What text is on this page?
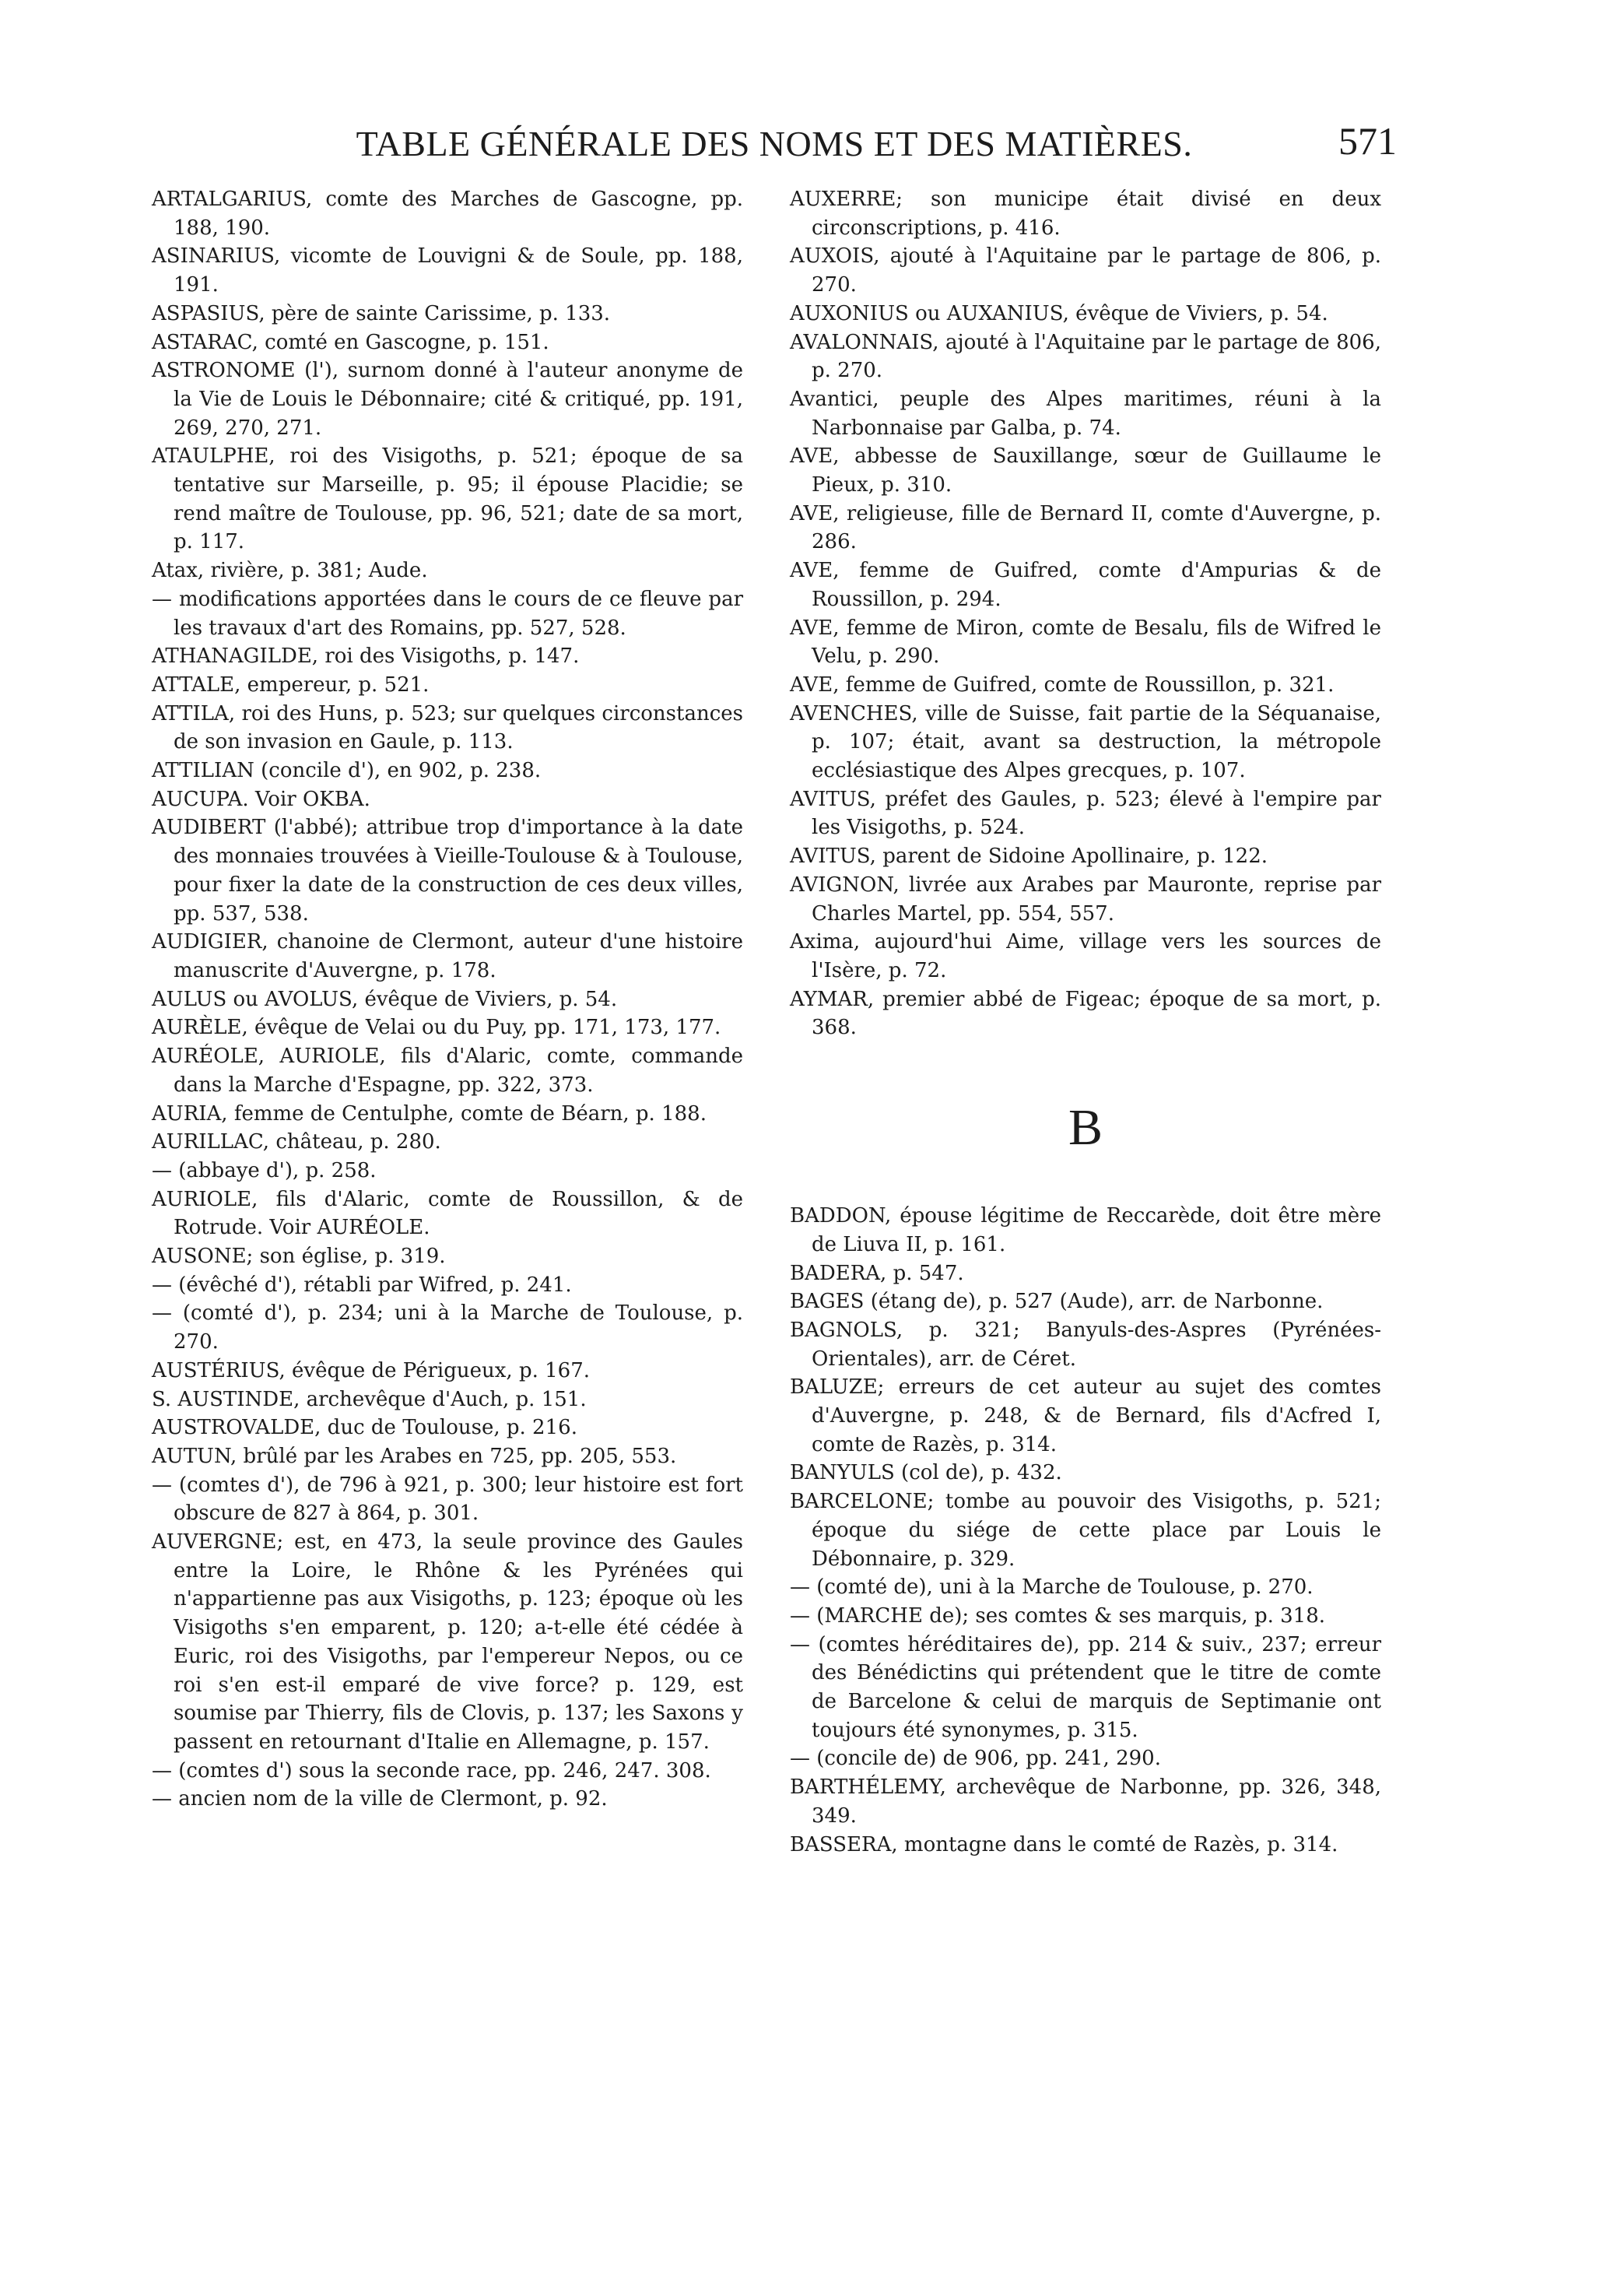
TABLE GÉNÉRALE DES NOMS ET DES MATIÈRES.	571

ARTALGARIUS, comte des Marches de Gascogne, pp. 188, 190.

ASINARIUS, vicomte de Louvigni & de Soule, pp. 188, 191.

ASPASIUS, père de sainte Carissime, p. 133.

ASTARAC, comté en Gascogne, p. 151.

ASTRONOME (l'), surnom donné à l'auteur anonyme de la Vie de Louis le Débonnaire; cité & critiqué, pp. 191, 269, 270, 271.

ATAULPHE, roi des Visigoths, p. 521; époque de sa tentative sur Marseille, p. 95; il épouse Placidie; se rend maître de Toulouse, pp. 96, 521; date de sa mort, p. 117.

Atax, rivière, p. 381; Aude.

— modifications apportées dans le cours de ce fleuve par les travaux d'art des Romains, pp. 527, 528.

ATHANAGILDE, roi des Visigoths, p. 147.

ATTALE, empereur, p. 521.

ATTILA, roi des Huns, p. 523; sur quelques circonstances de son invasion en Gaule, p. 113.

ATTILIAN (concile d'), en 902, p. 238.

AUCUPA. Voir OKBA.

AUDIBERT (l'abbé); attribue trop d'importance à la date des monnaies trouvées à Vieille-Toulouse & à Toulouse, pour fixer la date de la construction de ces deux villes, pp. 537, 538.

AUDIGIER, chanoine de Clermont, auteur d'une histoire manuscrite d'Auvergne, p. 178.

AULUS ou AVOLUS, évêque de Viviers, p. 54.

AURÈLE, évêque de Velai ou du Puy, pp. 171, 173, 177.

AURÉOLE, AURIOLE, fils d'Alaric, comte, commande dans la Marche d'Espagne, pp. 322, 373.

AURIA, femme de Centulphe, comte de Béarn, p. 188.

AURILLAC, château, p. 280.

— (abbaye d'), p. 258.

AURIOLE, fils d'Alaric, comte de Roussillon, & de Rotrude. Voir AURÉOLE.

AUSONE; son église, p. 319.

— (évêché d'), rétabli par Wifred, p. 241.

— (comté d'), p. 234; uni à la Marche de Toulouse, p. 270.

AUSTÉRIUS, évêque de Périgueux, p. 167.

S. AUSTINDE, archevêque d'Auch, p. 151.

AUSTROVALDE, duc de Toulouse, p. 216.

AUTUN, brûlé par les Arabes en 725, pp. 205, 553.

— (comtes d'), de 796 à 921, p. 300; leur histoire est fort obscure de 827 à 864, p. 301.

AUVERGNE; est, en 473, la seule province des Gaules entre la Loire, le Rhône & les Pyrénées qui n'appartienne pas aux Visigoths, p. 123; époque où les Visigoths s'en emparent, p. 120; a-t-elle été cédée à Euric, roi des Visigoths, par l'empereur Nepos, ou ce roi s'en est-il emparé de vive force? p. 129, est soumise par Thierry, fils de Clovis, p. 137; les Saxons y passent en retournant d'Italie en Allemagne, p. 157.

— (comtes d') sous la seconde race, pp. 246, 247. 308.

— ancien nom de la ville de Clermont, p. 92.

AUXERRE; son municipe était divisé en deux circonscriptions, p. 416.

AUXOIS, ajouté à l'Aquitaine par le partage de 806, p. 270.

AUXONIUS ou AUXANIUS, évêque de Viviers, p. 54.

AVALONNAIS, ajouté à l'Aquitaine par le partage de 806, p. 270.

Avantici, peuple des Alpes maritimes, réuni à la Narbonnaise par Galba, p. 74.

AVE, abbesse de Sauxillange, sœur de Guillaume le Pieux, p. 310.

AVE, religieuse, fille de Bernard II, comte d'Auvergne, p. 286.

AVE, femme de Guifred, comte d'Ampurias & de Roussillon, p. 294.

AVE, femme de Miron, comte de Besalu, fils de Wifred le Velu, p. 290.

AVE, femme de Guifred, comte de Roussillon, p. 321.

AVENCHES, ville de Suisse, fait partie de la Séquanaise, p. 107; était, avant sa destruction, la métropole ecclésiastique des Alpes grecques, p. 107.

AVITUS, préfet des Gaules, p. 523; élevé à l'empire par les Visigoths, p. 524.

AVITUS, parent de Sidoine Apollinaire, p. 122.

AVIGNON, livrée aux Arabes par Mauronte, reprise par Charles Martel, pp. 554, 557.

Axima, aujourd'hui Aime, village vers les sources de l'Isère, p. 72.

AYMAR, premier abbé de Figeac; époque de sa mort, p. 368.

B

BADDON, épouse légitime de Reccarède, doit être mère de Liuva II, p. 161.

BADERA, p. 547.

BAGES (étang de), p. 527 (Aude), arr. de Narbonne.

BAGNOLS, p. 321; Banyuls-des-Aspres (Pyrénées-Orientales), arr. de Céret.

BALUZE; erreurs de cet auteur au sujet des comtes d'Auvergne, p. 248, & de Bernard, fils d'Acfred I, comte de Razès, p. 314.

BANYULS (col de), p. 432.

BARCELONE; tombe au pouvoir des Visigoths, p. 521; époque du siége de cette place par Louis le Débonnaire, p. 329.

— (comté de), uni à la Marche de Toulouse, p. 270.

— (MARCHE de); ses comtes & ses marquis, p. 318.

— (comtes héréditaires de), pp. 214 & suiv., 237; erreur des Bénédictins qui prétendent que le titre de comte de Barcelone & celui de marquis de Septimanie ont toujours été synonymes, p. 315.

— (concile de) de 906, pp. 241, 290.

BARTHÉLEMY, archevêque de Narbonne, pp. 326, 348, 349.

BASSERA, montagne dans le comté de Razès, p. 314.
